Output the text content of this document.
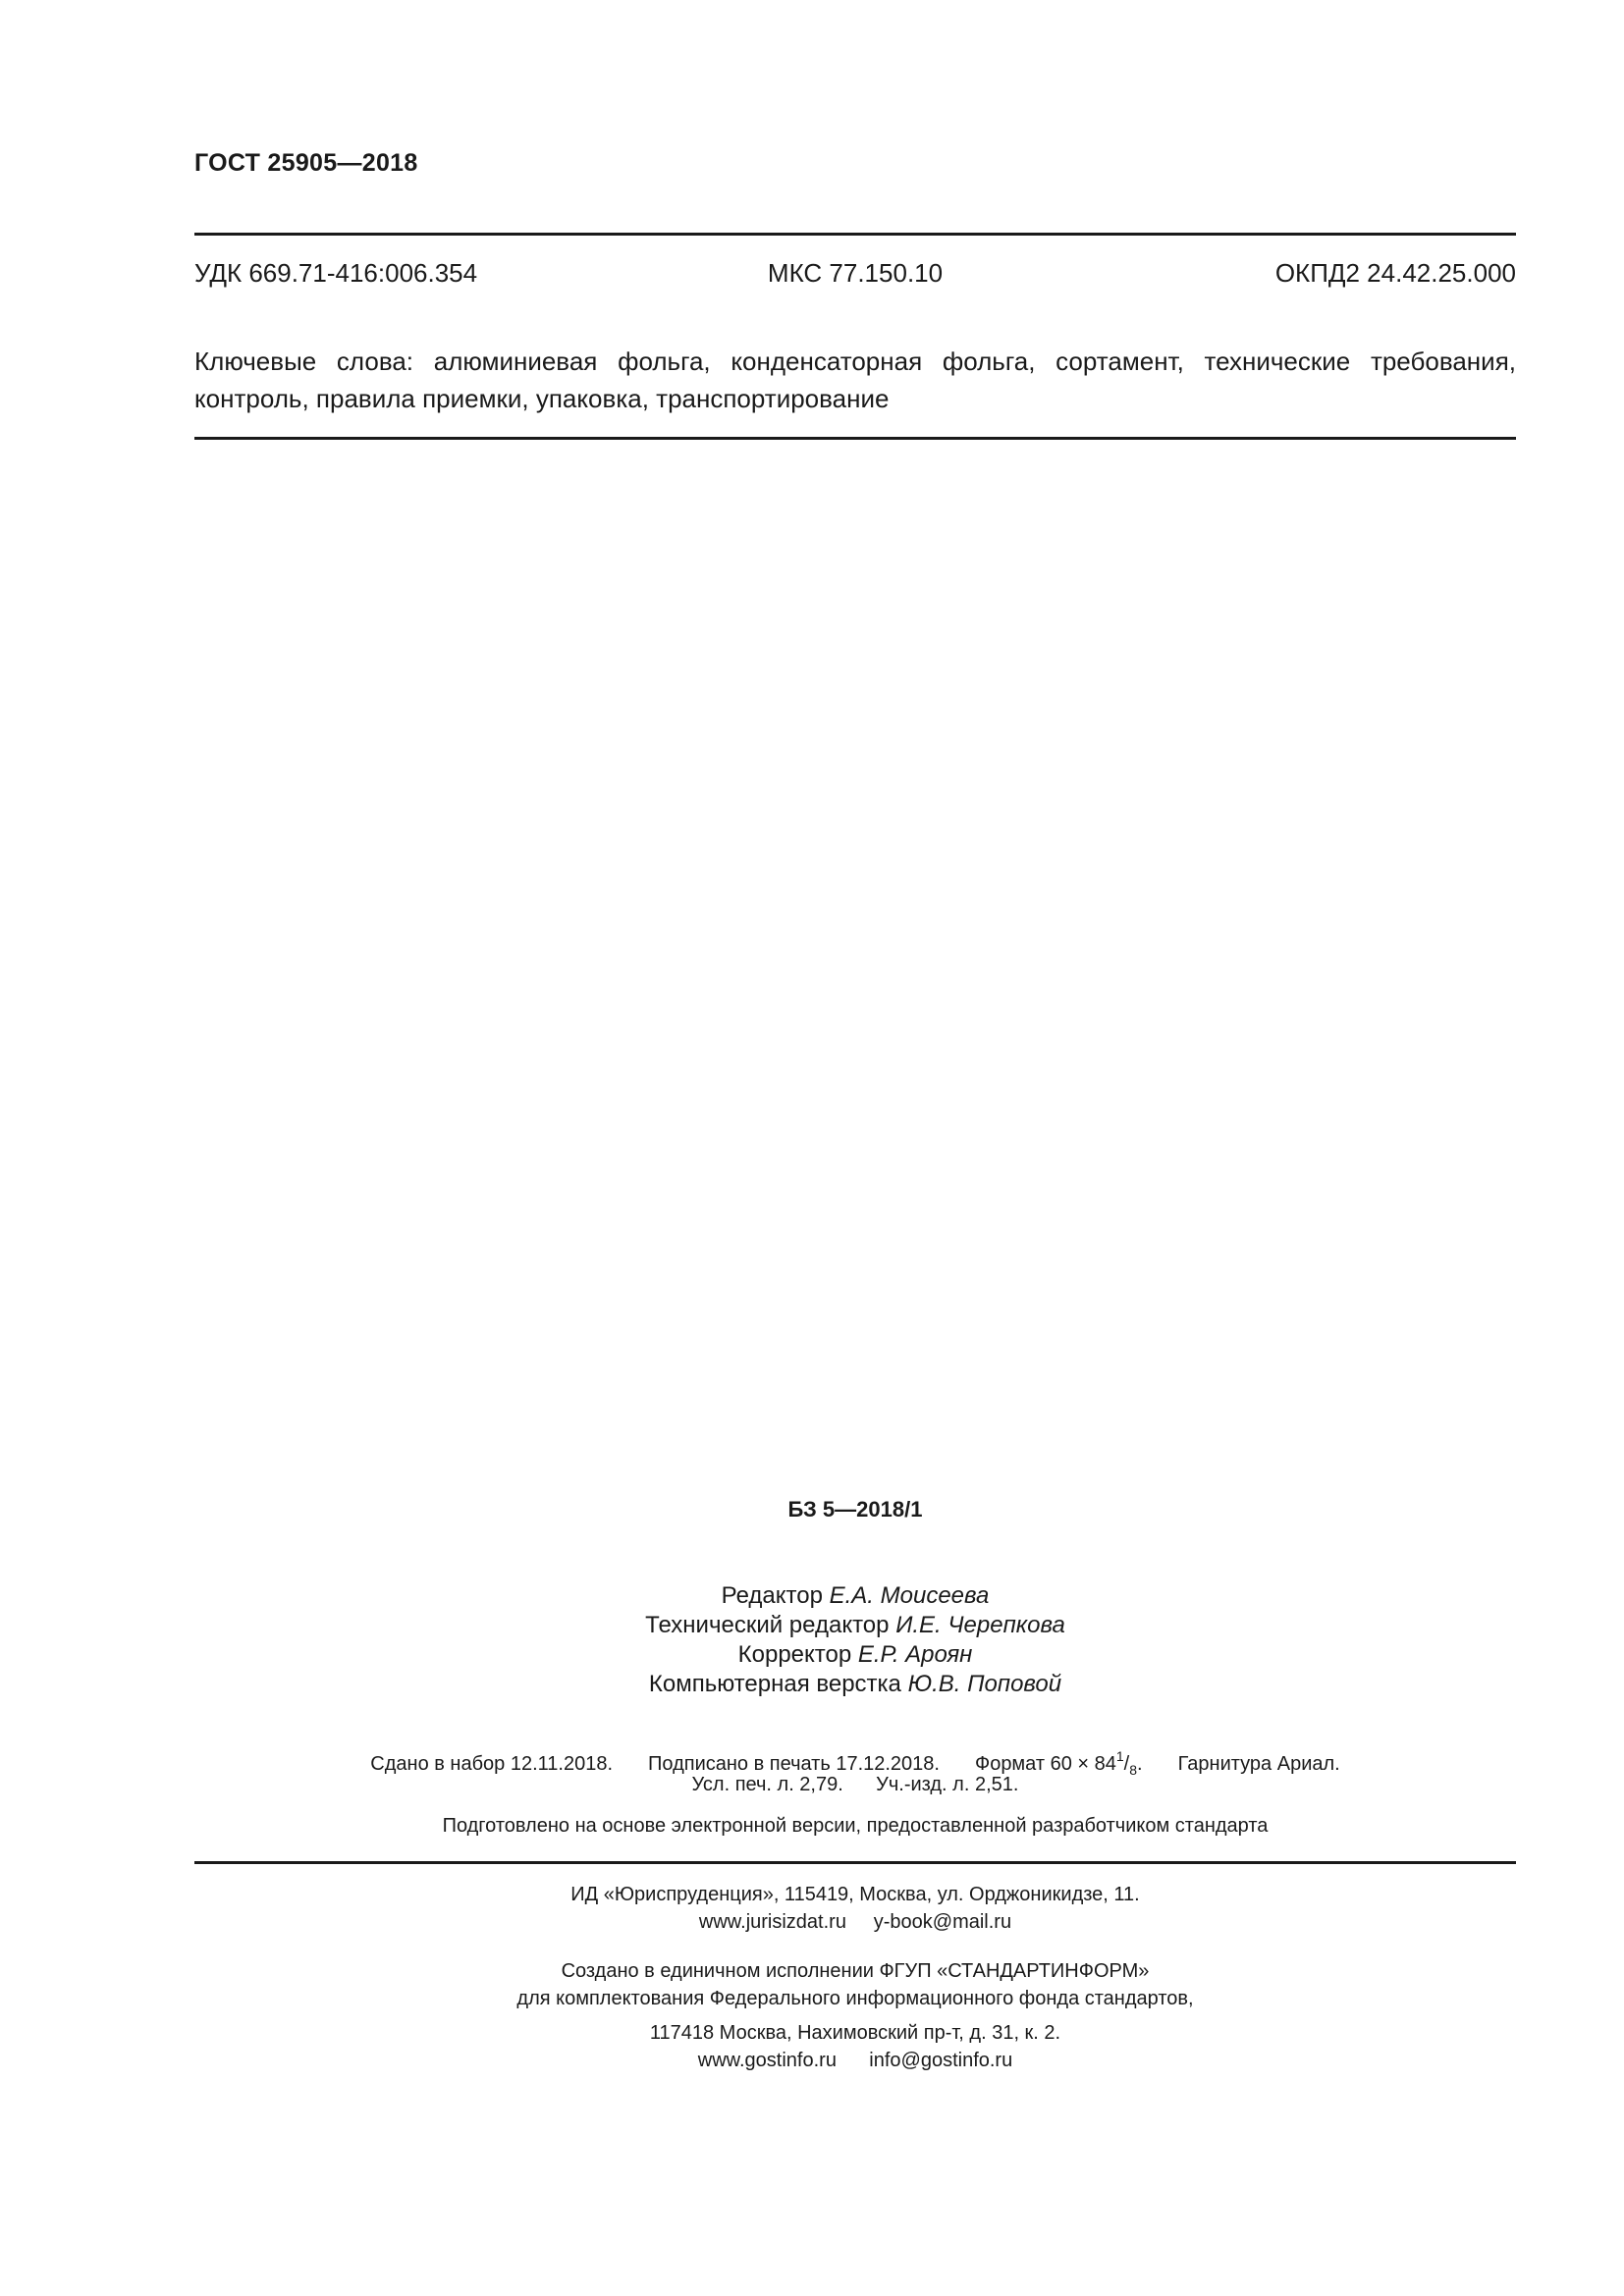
ГОСТ 25905—2018
УДК 669.71-416:006.354	МКС 77.150.10	ОКПД2 24.42.25.000
Ключевые слова: алюминиевая фольга, конденсаторная фольга, сортамент, технические требования,
контроль, правила приемки, упаковка, транспортирование
БЗ 5—2018/1
Редактор Е.А. Моисеева
Технический редактор И.Е. Черепкова
Корректор Е.Р. Ароян
Компьютерная верстка Ю.В. Поповой
Сдано в набор 12.11.2018. Подписано в печать 17.12.2018. Формат $60 \times 84^1/_8$. Гарнитура Ариал.
Усл. печ. л. 2,79. Уч.-изд. л. 2,51.
Подготовлено на основе электронной версии, предоставленной разработчиком стандарта
ИД «Юриспруденция», 115419, Москва, ул. Орджоникидзе, 11.
www.jurisizdat.ru y-book@mail.ru
Создано в единичном исполнении ФГУП «СТАНДАРТИНФОРМ»
для комплектования Федерального информационного фонда стандартов,
117418 Москва, Нахимовский пр-т, д. 31, к. 2.
www.gostinfo.ru info@gostinfo.ru
